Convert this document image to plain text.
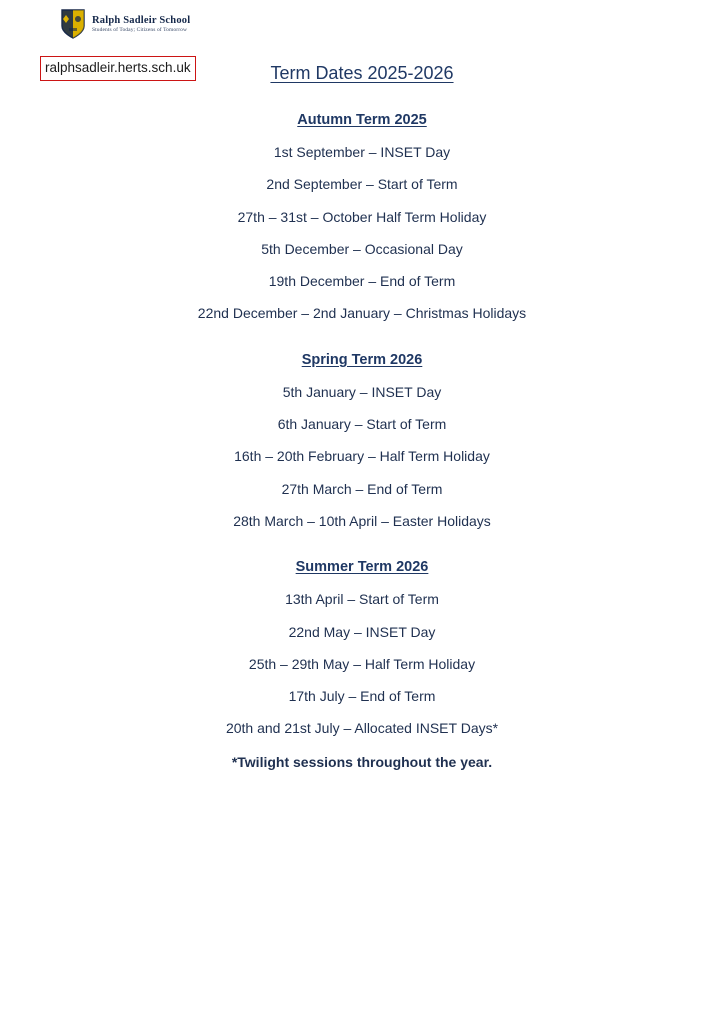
Ralph Sadleir School
Students of Today; Citizens of Tomorrow
ralphsadleir.herts.sch.uk	Term Dates 2025-2026
Autumn Term 2025
1st September – INSET Day
2nd September – Start of Term
27th – 31st – October Half Term Holiday
5th December – Occasional Day
19th December – End of Term
22nd December – 2nd January – Christmas Holidays
Spring Term 2026
5th January – INSET Day
6th January – Start of Term
16th – 20th February – Half Term Holiday
27th March – End of Term
28th March – 10th April – Easter Holidays
Summer Term 2026
13th April – Start of Term
22nd May – INSET Day
25th – 29th May – Half Term Holiday
17th July – End of Term
20th and 21st July – Allocated INSET Days*
*Twilight sessions throughout the year.
